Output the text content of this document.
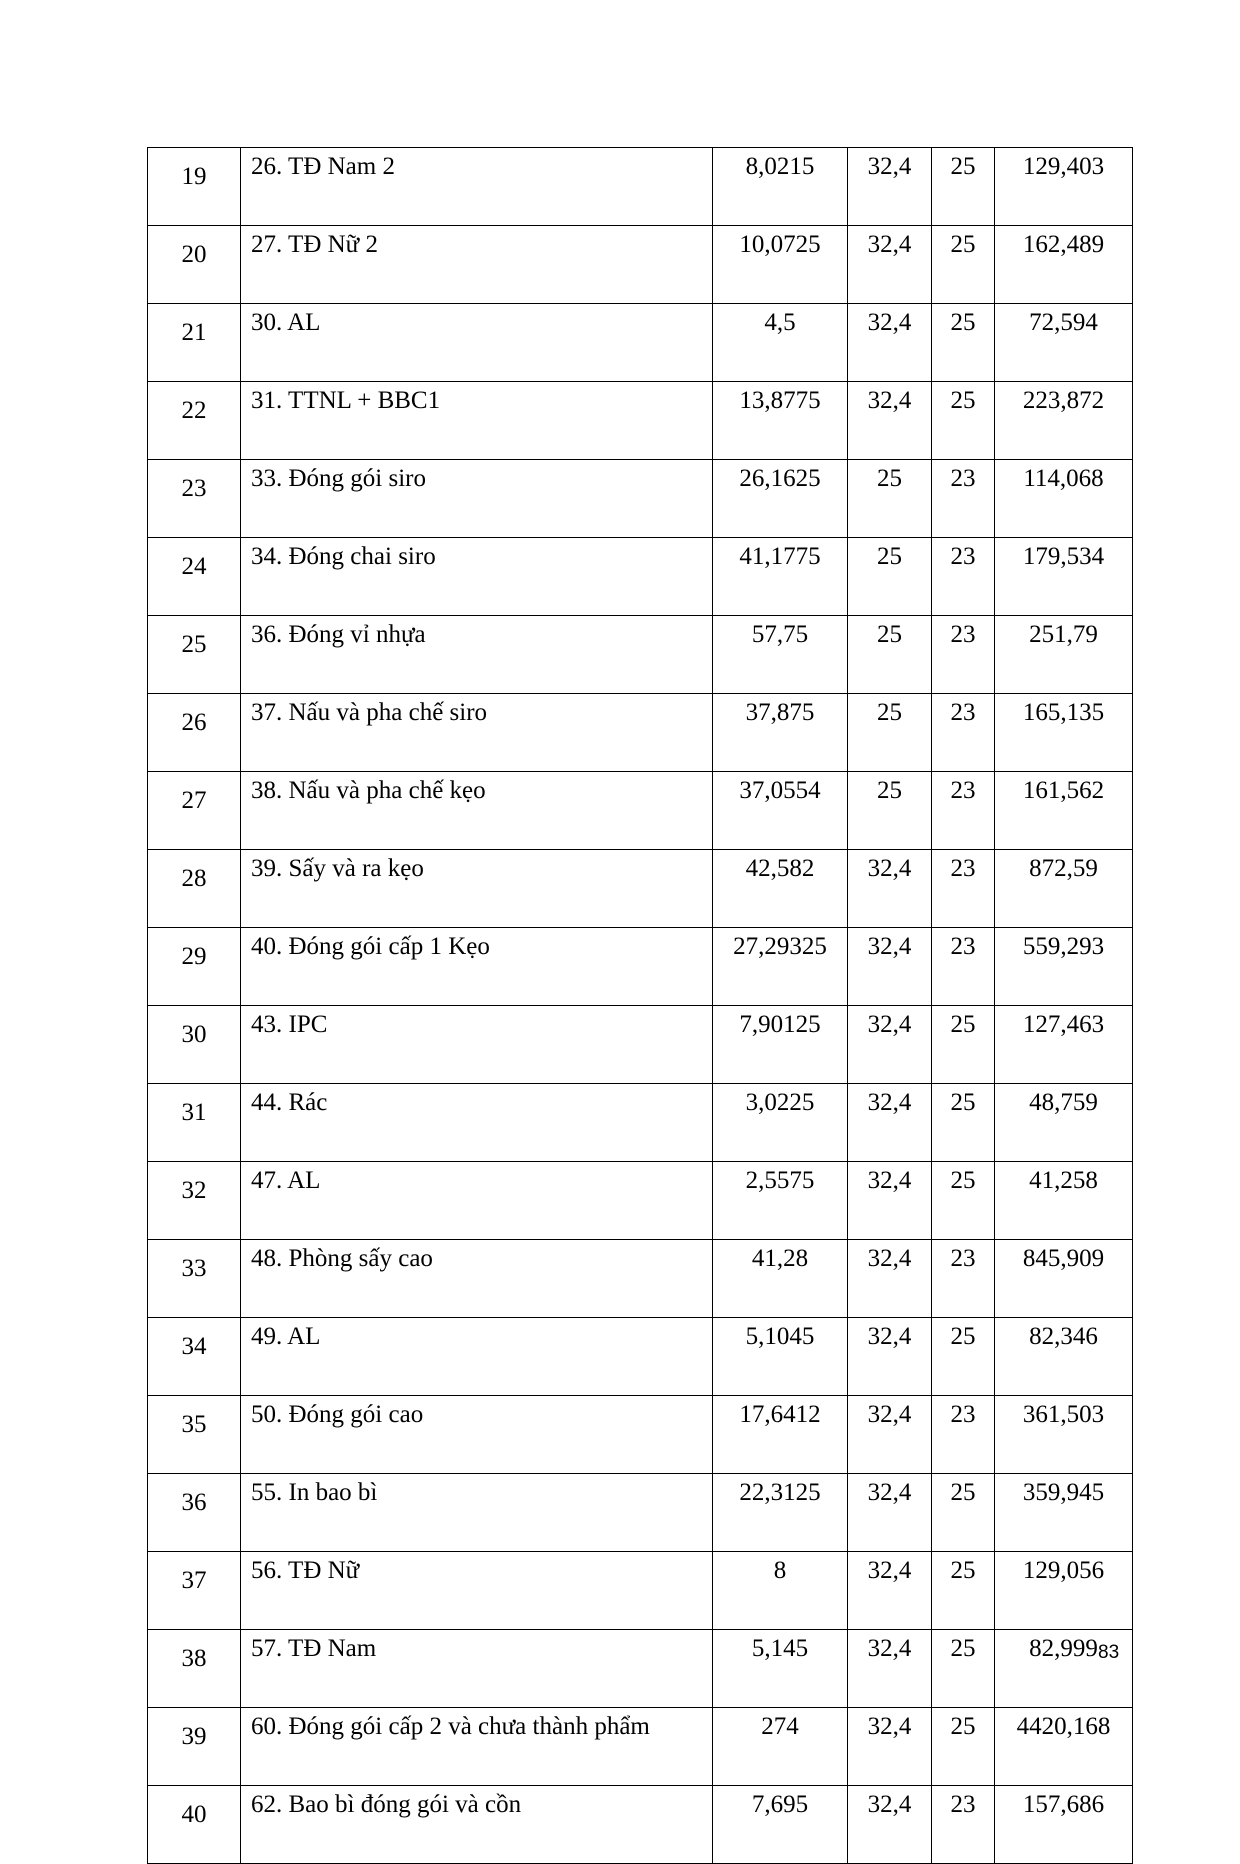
19	26. TĐ Nam 2	8,0215	32,4	25	129,403
20	27. TĐ Nữ 2	10,0725	32,4	25	162,489
21	30. AL	4,5	32,4	25	72,594
22	31. TTNL + BBC1	13,8775	32,4	25	223,872
23	33. Đóng gói siro	26,1625	25	23	114,068
24	34. Đóng chai siro	41,1775	25	23	179,534
25	36. Đóng vỉ nhựa	57,75	25	23	251,79
26	37. Nấu và pha chế siro	37,875	25	23	165,135
27	38. Nấu và pha chế kẹo	37,0554	25	23	161,562
28	39. Sấy và ra kẹo	42,582	32,4	23	872,59
29	40. Đóng gói cấp 1 Kẹo	27,29325	32,4	23	559,293
30	43. IPC	7,90125	32,4	25	127,463
31	44. Rác	3,0225	32,4	25	48,759
32	47. AL	2,5575	32,4	25	41,258
33	48. Phòng sấy cao	41,28	32,4	23	845,909
34	49. AL	5,1045	32,4	25	82,346
35	50. Đóng gói cao	17,6412	32,4	23	361,503
36	55. In bao bì	22,3125	32,4	25	359,945
37	56. TĐ Nữ	8	32,4	25	129,056
38	57. TĐ Nam	5,145	32,4	25	82,999
39	60. Đóng gói cấp 2 và chưa thành phẩm	274	32,4	25	4420,168
40	62. Bao bì đóng gói và cồn	7,695	32,4	23	157,686
83
